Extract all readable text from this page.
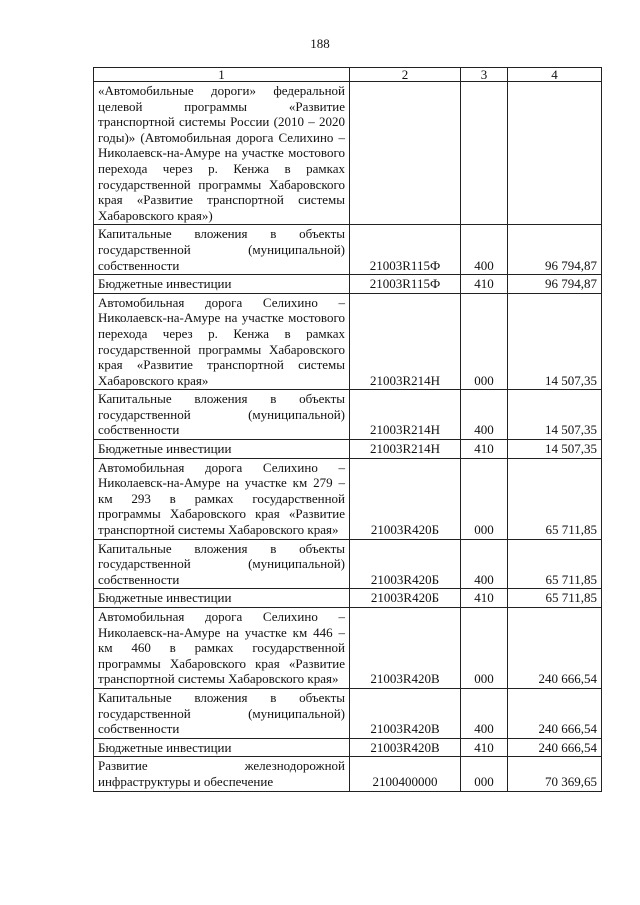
188
1	2	3	4
«Автомобильные дороги» федеральной целевой программы «Развитие транспортной системы России (2010 – 2020 годы)» (Автомобильная дорога Селихино – Николаевск-на-Амуре на участке мостового перехода через р. Кенжа в рамках государственной программы Хабаровского края «Развитие транспортной системы Хабаровского края»)			
Капитальные вложения в объекты государственной (муниципальной) собственности	21003R115Ф	400	96 794,87
Бюджетные инвестиции	21003R115Ф	410	96 794,87
Автомобильная дорога Селихино – Николаевск-на-Амуре на участке мостового перехода через р. Кенжа в рамках государственной программы Хабаровского края «Развитие транспортной системы Хабаровского края»	21003R214Н	000	14 507,35
Капитальные вложения в объекты государственной (муниципальной) собственности	21003R214Н	400	14 507,35
Бюджетные инвестиции	21003R214Н	410	14 507,35
Автомобильная дорога Селихино – Николаевск-на-Амуре на участке км 279 – км 293 в рамках государственной программы Хабаровского края «Развитие транспортной системы Хабаровского края»	21003R420Б	000	65 711,85
Капитальные вложения в объекты государственной (муниципальной) собственности	21003R420Б	400	65 711,85
Бюджетные инвестиции	21003R420Б	410	65 711,85
Автомобильная дорога Селихино – Николаевск-на-Амуре на участке км 446 – км 460 в рамках государственной программы Хабаровского края «Развитие транспортной системы Хабаровского края»	21003R420В	000	240 666,54
Капитальные вложения в объекты государственной (муниципальной) собственности	21003R420В	400	240 666,54
Бюджетные инвестиции	21003R420В	410	240 666,54
Развитие железнодорожной инфраструктуры и обеспечение	2100400000	000	70 369,65
